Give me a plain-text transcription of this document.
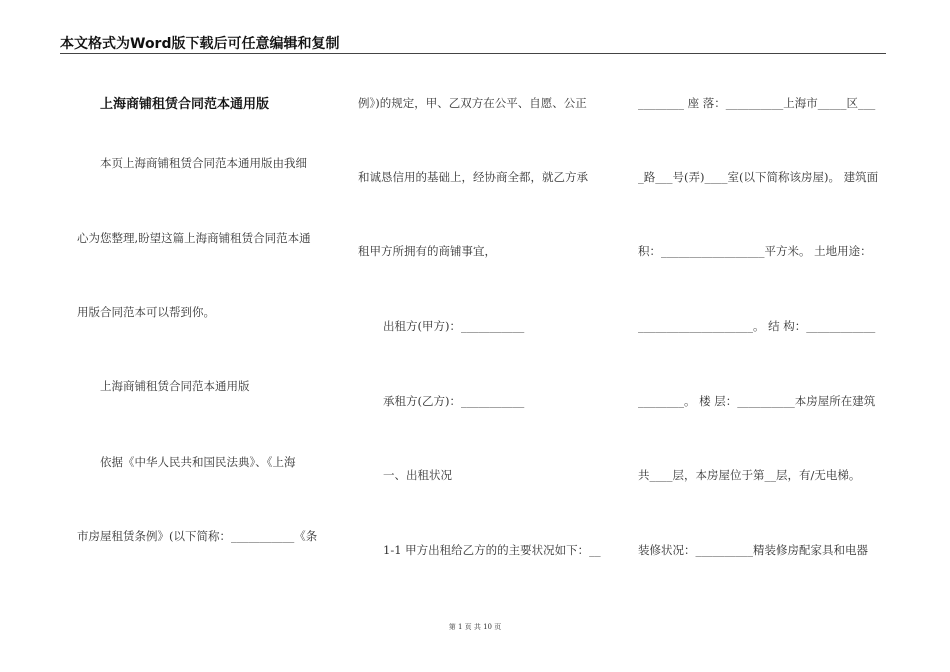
本文格式为Word版下载后可任意编辑和复制
上海商铺租赁合同范本通用版
本页上海商铺租赁合同范本通用版由我细
心为您整理,盼望这篇上海商铺租赁合同范本通
用版合同范本可以帮到你。
上海商铺租赁合同范本通用版
依据《中华人民共和国民法典》、《上海
市房屋租赁条例》(以下简称：___________《条
例》)的规定，甲、乙双方在公平、自愿、公正
和诚恳信用的基础上，经协商全都，就乙方承
租甲方所拥有的商铺事宜，
出租方(甲方)：___________
承租方(乙方)：___________
一、出租状况
1-1 甲方出租给乙方的的主要状况如下：__
________ 座 落：__________上海市_____区___
_路___号(弄)____室(以下简称该房屋)。 建筑面
积：__________________平方米。 土地用途：
____________________。 结 构：____________
________。 楼 层：__________本房屋所在建筑
共____层，本房屋位于第__层，有/无电梯。
装修状况：__________精装修房配家具和电器
第 1 页 共 10 页
